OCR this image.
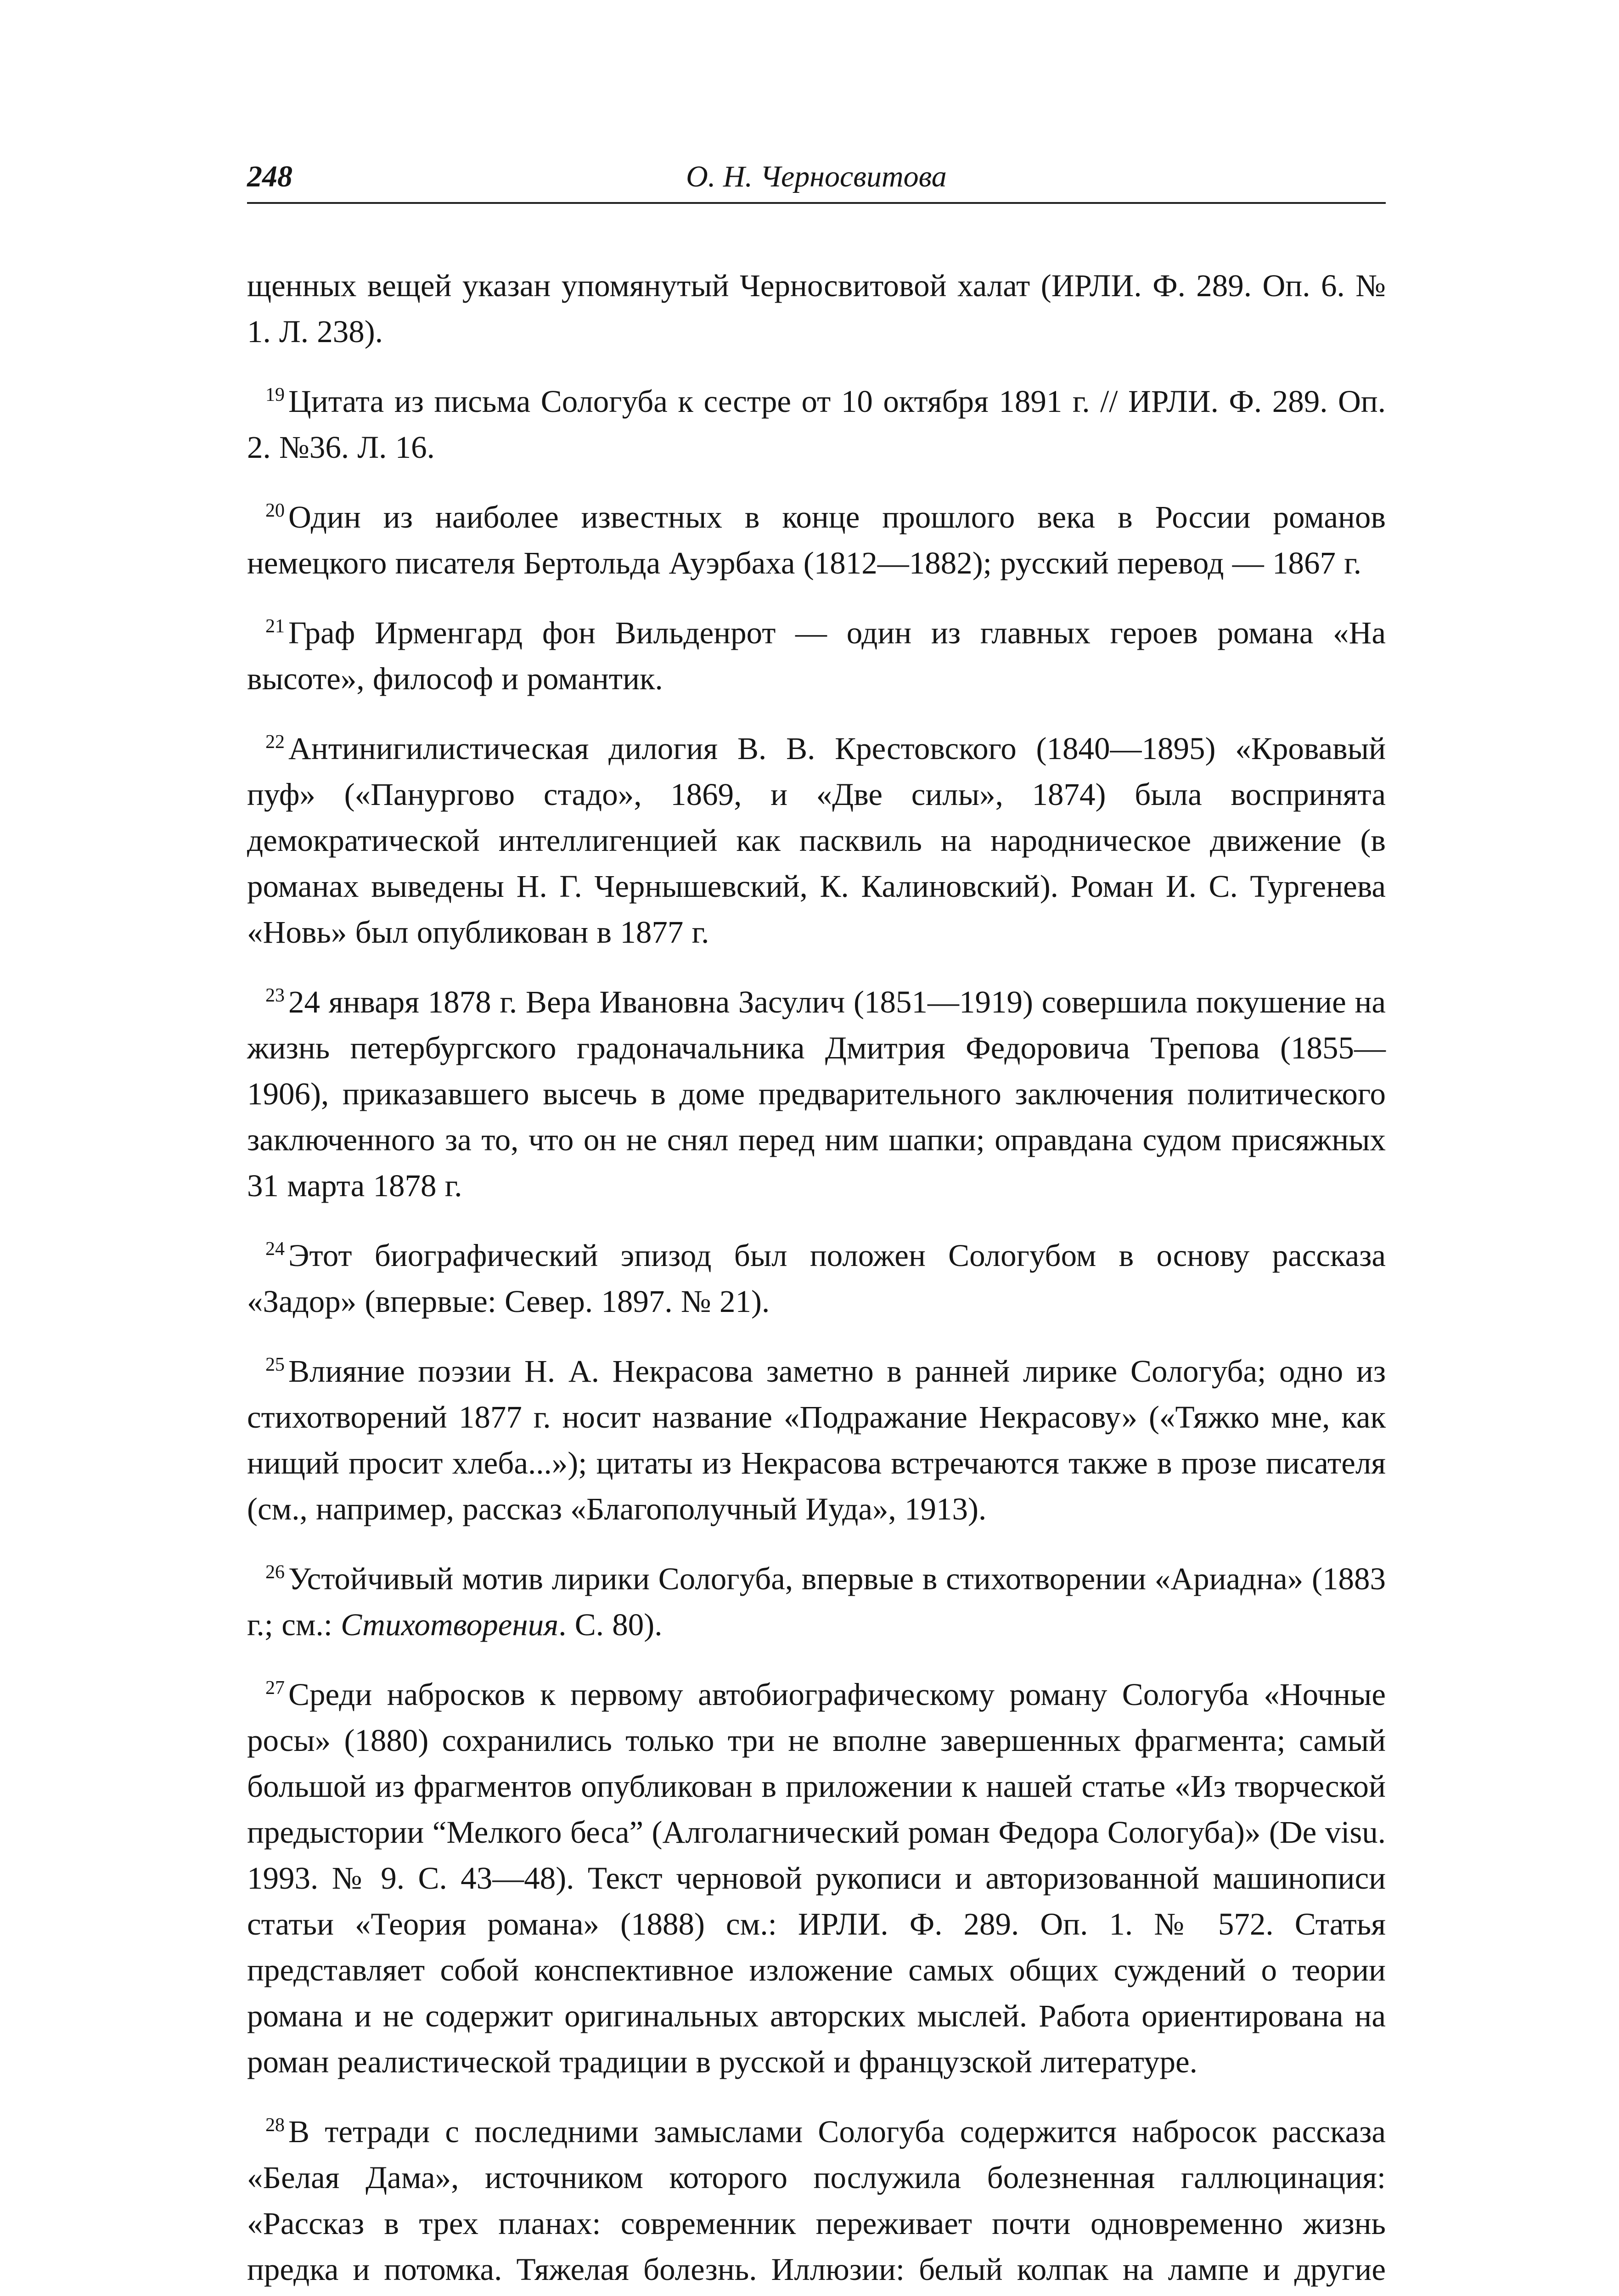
248	О. Н. Черносвитова

щенных вещей указан упомянутый Черносвитовой халат (ИРЛИ. Ф. 289. Оп. 6. № 1. Л. 238).

$^{19}$ Цитата из письма Сологуба к сестре от 10 октября 1891 г. // ИРЛИ. Ф. 289. Оп. 2. №36. Л. 16.

$^{20}$ Один из наиболее известных в конце прошлого века в России романов немецкого писателя Бертольда Ауэрбаха (1812—1882); русский перевод — 1867 г.

$^{21}$ Граф Ирменгард фон Вильденрот — один из главных героев романа «На высоте», философ и романтик.

$^{22}$ Антинигилистическая дилогия В. В. Крестовского (1840—1895) «Кровавый пуф» («Панургово стадо», 1869, и «Две силы», 1874) была воспринята демократической интеллигенцией как пасквиль на народническое движение (в романах выведены Н. Г. Чернышевский, К. Калиновский). Роман И. С. Тургенева «Новь» был опубликован в 1877 г.

$^{23}$ 24 января 1878 г. Вера Ивановна Засулич (1851—1919) совершила покушение на жизнь петербургского градоначальника Дмитрия Федоровича Трепова (1855—1906), приказавшего высечь в доме предварительного заключения политического заключенного за то, что он не снял перед ним шапки; оправдана судом присяжных 31 марта 1878 г.

$^{24}$ Этот биографический эпизод был положен Сологубом в основу рассказа «Задор» (впервые: Север. 1897. № 21).

$^{25}$ Влияние поэзии Н. А. Некрасова заметно в ранней лирике Сологуба; одно из стихотворений 1877 г. носит название «Подражание Некрасову» («Тяжко мне, как нищий просит хлеба...»); цитаты из Некрасова встречаются также в прозе писателя (см., например, рассказ «Благополучный Иуда», 1913).

$^{26}$ Устойчивый мотив лирики Сологуба, впервые в стихотворении «Ариадна» (1883 г.; см.: Стихотворения. С. 80).

$^{27}$ Среди набросков к первому автобиографическому роману Сологуба «Ночные росы» (1880) сохранились только три не вполне завершенных фрагмента; самый большой из фрагментов опубликован в приложении к нашей статье «Из творческой предыстории “Мелкого беса” (Алголагнический роман Федора Сологуба)» (De visu. 1993. № 9. С. 43—48). Текст черновой рукописи и авторизованной машинописи статьи «Теория романа» (1888) см.: ИРЛИ. Ф. 289. Оп. 1. № 572. Статья представляет собой конспективное изложение самых общих суждений о теории романа и не содержит оригинальных авторских мыслей. Работа ориентирована на роман реалистической традиции в русской и французской литературе.

$^{28}$ В тетради с последними замыслами Сологуба содержится набросок рассказа «Белая Дама», источником которого послужила болезненная галлюцинация: «Рассказ в трех планах: современник переживает почти одновременно жизнь предка и потомка. Тяжелая болезнь. Иллюзии: белый колпак на лампе и другие
